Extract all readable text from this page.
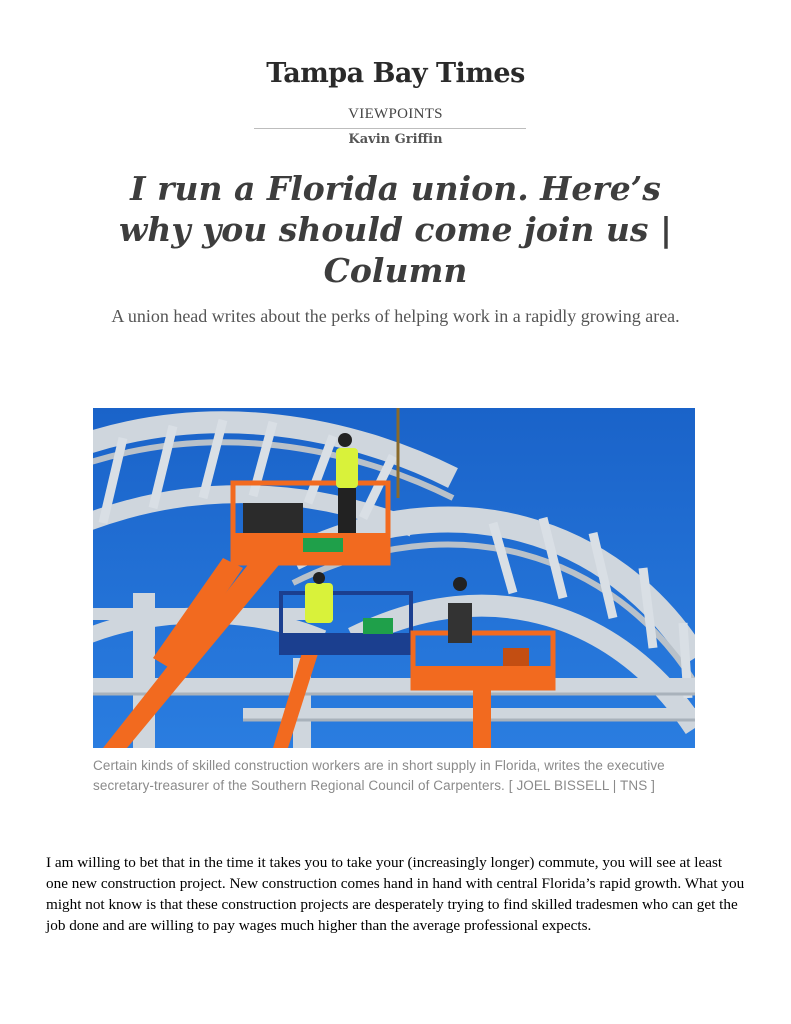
Tampa Bay Times
VIEWPOINTS
Kavin Griffin
I run a Florida union. Here’s why you should come join us | Column
A union head writes about the perks of helping work in a rapidly growing area.
Certain kinds of skilled construction workers are in short supply in Florida, writes the executive secretary-treasurer of the Southern Regional Council of Carpenters. [ JOEL BISSELL | TNS ]

I am willing to bet that in the time it takes you to take your (increasingly longer) commute, you will see at least one new construction project. New construction comes hand in hand with central Florida’s rapid growth. What you might not know is that these construction projects are desperately trying to find skilled tradesmen who can get the job done and are willing to pay wages much higher than the average professional expects.
